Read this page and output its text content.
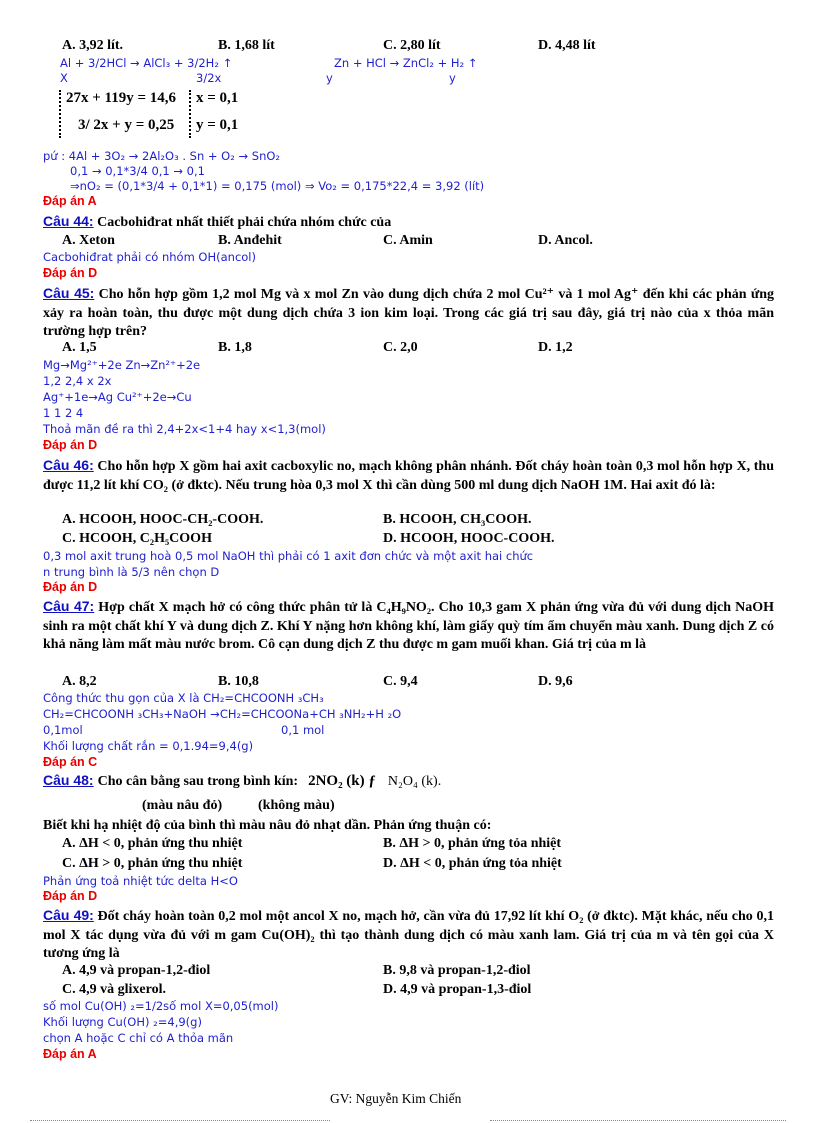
A. 3,92 lít.	B. 1,68 lít	C. 2,80 lít	D. 4,48 lít
Al + 3/2HCl → AlCl₃ + 3/2H₂ ↑	Zn + HCl → ZnCl₂ + H₂ ↑
X	3/2x	y	y
27x + 119y = 14,6
3/ 2x + y = 0,25
x = 0,1
y = 0,1
pứ : 4Al + 3O₂ → 2Al₂O₃ . Sn + O₂ → SnO₂
0,1 → 0,1*3/4 0,1 → 0,1
⇒nO₂ = (0,1*3/4 + 0,1*1) = 0,175 (mol) ⇒ Vo₂ = 0,175*22,4 = 3,92 (lít)
Đáp án A
Câu 44: Cacbohiđrat nhất thiết phải chứa nhóm chức của
A. Xeton	B. Anđehit	C. Amin	D. Ancol.
Cacbohiđrat phải có nhóm OH(ancol)
Đáp án D
Câu 45: Cho hỗn hợp gồm 1,2 mol Mg và x mol Zn vào dung dịch chứa 2 mol Cu²⁺ và 1 mol Ag⁺ đến khi các phản ứng xảy ra hoàn toàn, thu được một dung dịch chứa 3 ion kim loại. Trong các giá trị sau đây, giá trị nào của x thỏa mãn trường hợp trên?
A. 1,5	B. 1,8	C. 2,0	D. 1,2
Mg→Mg²⁺+2e Zn→Zn²⁺+2e
1,2 2,4 x 2x
Ag⁺+1e→Ag Cu²⁺+2e→Cu
1 1 2 4
Thoả mãn đề ra thì 2,4+2x<1+4 hay x<1,3(mol)
Đáp án D
Câu 46: Cho hỗn hợp X gồm hai axit cacboxylic no, mạch không phân nhánh. Đốt cháy hoàn toàn 0,3 mol hỗn hợp X, thu được 11,2 lít khí CO₂ (ở đktc). Nếu trung hòa 0,3 mol X thì cần dùng 500 ml dung dịch NaOH 1M. Hai axit đó là:
A. HCOOH, HOOC-CH₂-COOH.	B. HCOOH, CH₃COOH.
C. HCOOH, C₂H₅COOH	D. HCOOH, HOOC-COOH.
0,3 mol axit trung hoà 0,5 mol NaOH thì phải có 1 axit đơn chức và một axit hai chức
n trung bình là 5/3 nên chọn D
Đáp án D
Câu 47: Hợp chất X mạch hở có công thức phân tử là C₄H₉NO₂. Cho 10,3 gam X phản ứng vừa đủ với dung dịch NaOH sinh ra một chất khí Y và dung dịch Z. Khí Y nặng hơn không khí, làm giấy quỳ tím ẩm chuyển màu xanh. Dung dịch Z có khả năng làm mất màu nước brom. Cô cạn dung dịch Z thu được m gam muối khan. Giá trị của m là
A. 8,2	B. 10,8	C. 9,4	D. 9,6
Công thức thu gọn của X là CH₂=CHCOONH ₃CH₃
CH₂=CHCOONH ₃CH₃+NaOH →CH₂=CHCOONa+CH ₃NH₂+H ₂O
0,1mol	0,1 mol
Khối lượng chất rắn = 0,1.94=9,4(g)
Đáp án C
Câu 48: Cho cân bằng sau trong bình kín: 2NO₂ (k) ƒ N₂O₄ (k).
(màu nâu đỏ)	(không màu)
Biết khi hạ nhiệt độ của bình thì màu nâu đỏ nhạt dần. Phản ứng thuận có:
A. ΔH < 0, phản ứng thu nhiệt	B. ΔH > 0, phản ứng tỏa nhiệt
C. ΔH > 0, phản ứng thu nhiệt	D. ΔH < 0, phản ứng tỏa nhiệt
Phản ứng toả nhiệt tức delta H<O
Đáp án D
Câu 49: Đốt cháy hoàn toàn 0,2 mol một ancol X no, mạch hở, cần vừa đủ 17,92 lít khí O₂ (ở đktc). Mặt khác, nếu cho 0,1 mol X tác dụng vừa đủ với m gam Cu(OH)₂ thì tạo thành dung dịch có màu xanh lam. Giá trị của m và tên gọi của X tương ứng là
A. 4,9 và propan-1,2-điol	B. 9,8 và propan-1,2-điol
C. 4,9 và glixerol.	D. 4,9 và propan-1,3-điol
số mol Cu(OH) ₂=1/2số mol X=0,05(mol)
Khối lượng Cu(OH) ₂=4,9(g)
chọn A hoặc C chỉ có A thỏa mãn
Đáp án A
GV: Nguyễn Kim Chiến
